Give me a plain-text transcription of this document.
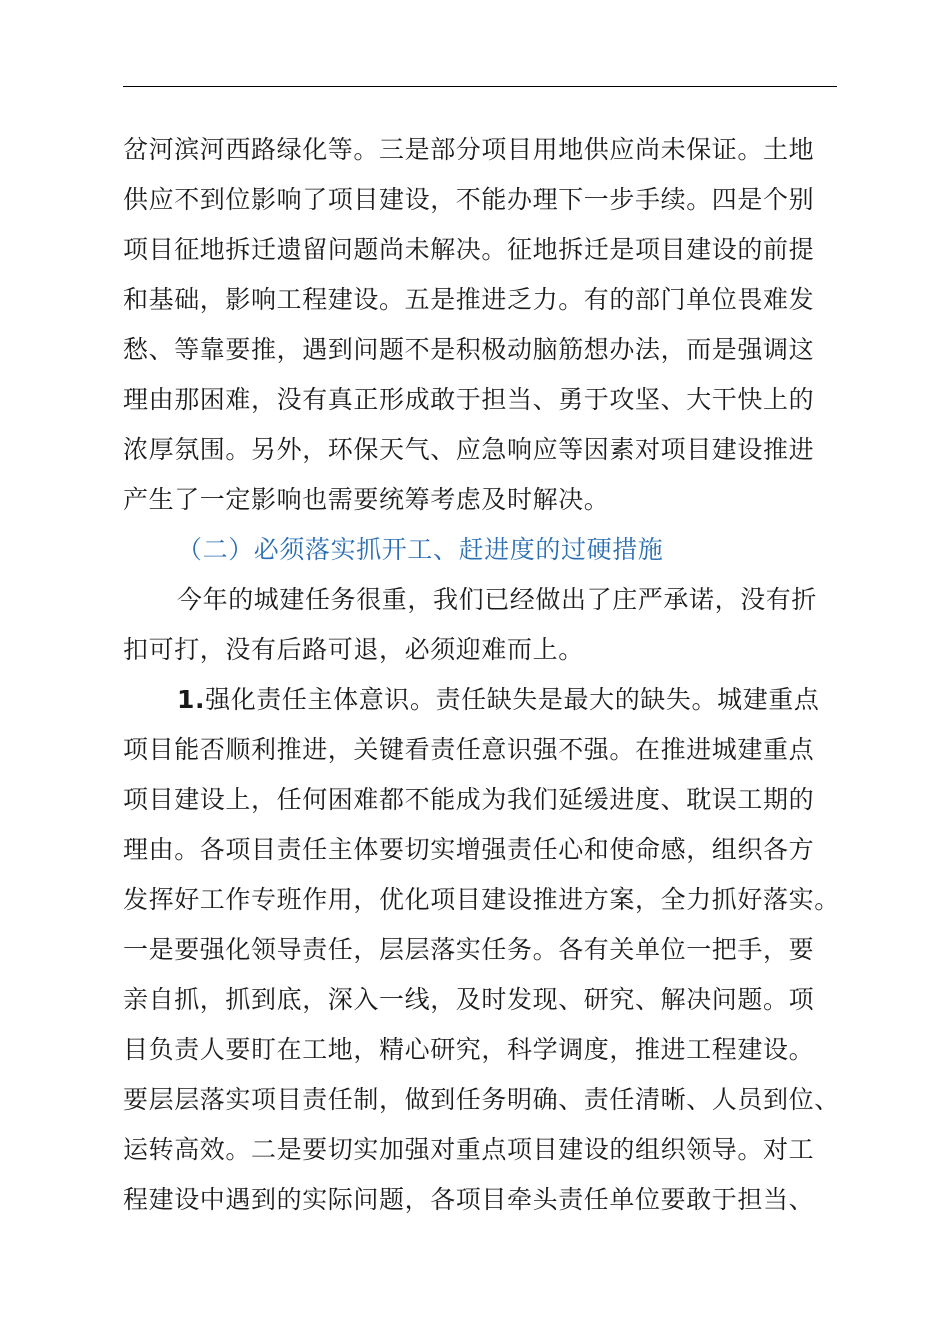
岔河滨河西路绿化等。三是部分项目用地供应尚未保证。土地
供应不到位影响了项目建设，不能办理下一步手续。四是个别
项目征地拆迁遗留问题尚未解决。征地拆迁是项目建设的前提
和基础，影响工程建设。五是推进乏力。有的部门单位畏难发
愁、等靠要推，遇到问题不是积极动脑筋想办法，而是强调这
理由那困难，没有真正形成敢于担当、勇于攻坚、大干快上的
浓厚氛围。另外，环保天气、应急响应等因素对项目建设推进
产生了一定影响也需要统筹考虑及时解决。
（二）必须落实抓开工、赶进度的过硬措施
今年的城建任务很重，我们已经做出了庄严承诺，没有折
扣可打，没有后路可退，必须迎难而上。
1.强化责任主体意识。责任缺失是最大的缺失。城建重点
项目能否顺利推进，关键看责任意识强不强。在推进城建重点
项目建设上，任何困难都不能成为我们延缓进度、耽误工期的
理由。各项目责任主体要切实增强责任心和使命感，组织各方
发挥好工作专班作用，优化项目建设推进方案，全力抓好落实。
一是要强化领导责任，层层落实任务。各有关单位一把手，要
亲自抓，抓到底，深入一线，及时发现、研究、解决问题。项
目负责人要盯在工地，精心研究，科学调度，推进工程建设。
要层层落实项目责任制，做到任务明确、责任清晰、人员到位、
运转高效。二是要切实加强对重点项目建设的组织领导。对工
程建设中遇到的实际问题，各项目牵头责任单位要敢于担当、
